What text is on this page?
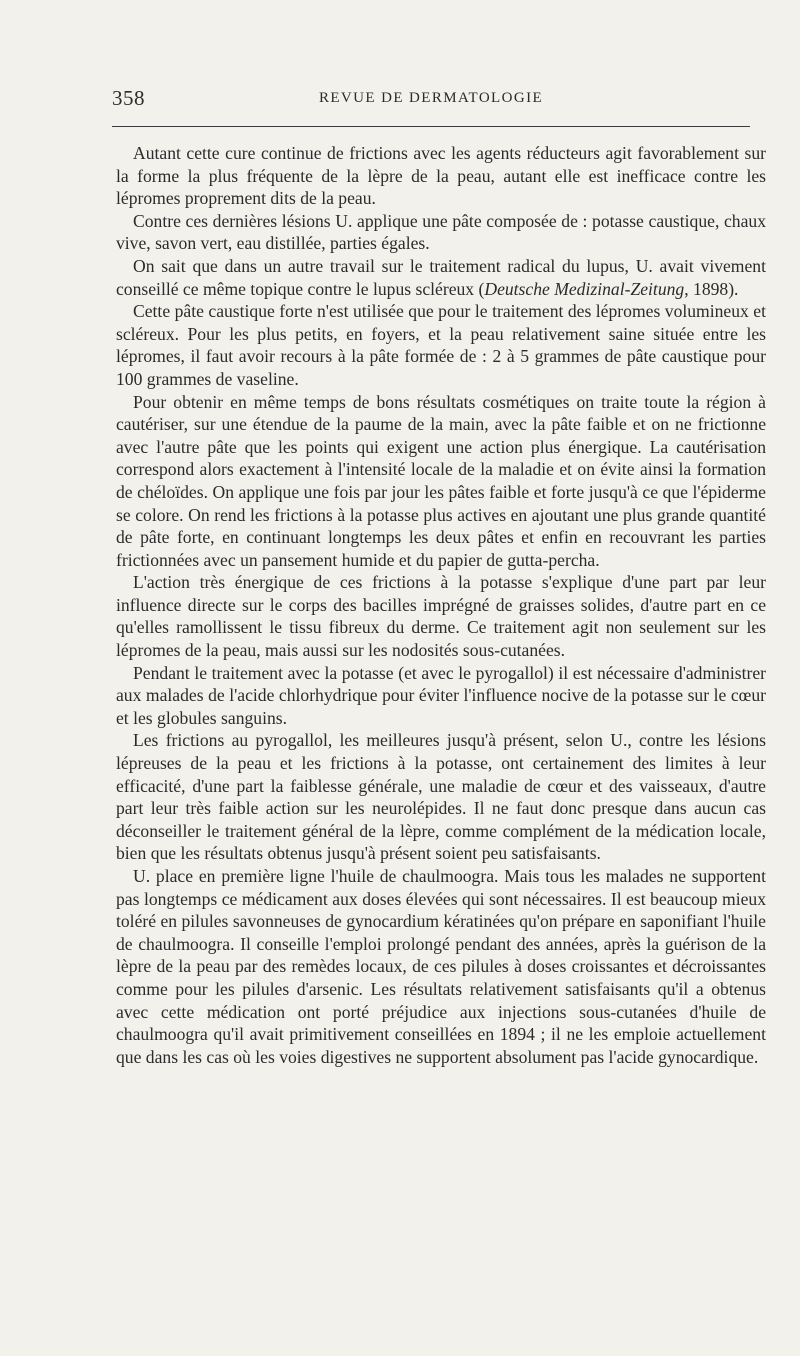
358	REVUE DE DERMATOLOGIE

Autant cette cure continue de frictions avec les agents réducteurs agit favorablement sur la forme la plus fréquente de la lèpre de la peau, autant elle est inefficace contre les lépromes proprement dits de la peau.

Contre ces dernières lésions U. applique une pâte composée de : potasse caustique, chaux vive, savon vert, eau distillée, parties égales.

On sait que dans un autre travail sur le traitement radical du lupus, U. avait vivement conseillé ce même topique contre le lupus scléreux (Deutsche Medizinal-Zeitung, 1898).

Cette pâte caustique forte n'est utilisée que pour le traitement des lépromes volumineux et scléreux. Pour les plus petits, en foyers, et la peau relativement saine située entre les lépromes, il faut avoir recours à la pâte formée de : 2 à 5 grammes de pâte caustique pour 100 grammes de vaseline.

Pour obtenir en même temps de bons résultats cosmétiques on traite toute la région à cautériser, sur une étendue de la paume de la main, avec la pâte faible et on ne frictionne avec l'autre pâte que les points qui exigent une action plus énergique. La cautérisation correspond alors exactement à l'intensité locale de la maladie et on évite ainsi la formation de chéloïdes. On applique une fois par jour les pâtes faible et forte jusqu'à ce que l'épiderme se colore. On rend les frictions à la potasse plus actives en ajoutant une plus grande quantité de pâte forte, en continuant longtemps les deux pâtes et enfin en recouvrant les parties frictionnées avec un pansement humide et du papier de gutta-percha.

L'action très énergique de ces frictions à la potasse s'explique d'une part par leur influence directe sur le corps des bacilles imprégné de graisses solides, d'autre part en ce qu'elles ramollissent le tissu fibreux du derme. Ce traitement agit non seulement sur les lépromes de la peau, mais aussi sur les nodosités sous-cutanées.

Pendant le traitement avec la potasse (et avec le pyrogallol) il est nécessaire d'administrer aux malades de l'acide chlorhydrique pour éviter l'influence nocive de la potasse sur le cœur et les globules sanguins.

Les frictions au pyrogallol, les meilleures jusqu'à présent, selon U., contre les lésions lépreuses de la peau et les frictions à la potasse, ont certainement des limites à leur efficacité, d'une part la faiblesse générale, une maladie de cœur et des vaisseaux, d'autre part leur très faible action sur les neurolépides. Il ne faut donc presque dans aucun cas déconseiller le traitement général de la lèpre, comme complément de la médication locale, bien que les résultats obtenus jusqu'à présent soient peu satisfaisants.

U. place en première ligne l'huile de chaulmoogra. Mais tous les malades ne supportent pas longtemps ce médicament aux doses élevées qui sont nécessaires. Il est beaucoup mieux toléré en pilules savonneuses de gynocardium kératinées qu'on prépare en saponifiant l'huile de chaulmoogra. Il conseille l'emploi prolongé pendant des années, après la guérison de la lèpre de la peau par des remèdes locaux, de ces pilules à doses croissantes et décroissantes comme pour les pilules d'arsenic. Les résultats relativement satisfaisants qu'il a obtenus avec cette médication ont porté préjudice aux injections sous-cutanées d'huile de chaulmoogra qu'il avait primitivement conseillées en 1894 ; il ne les emploie actuellement que dans les cas où les voies digestives ne supportent absolument pas l'acide gynocardique.
